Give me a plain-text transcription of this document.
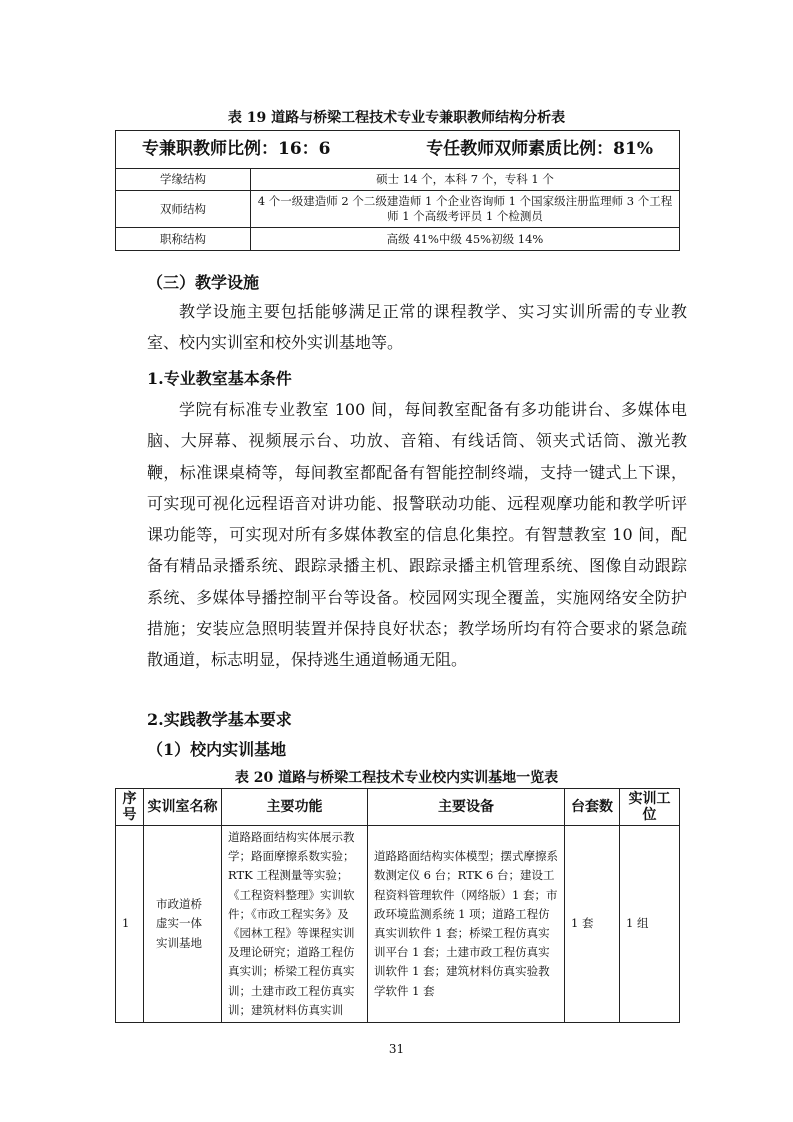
表 19 道路与桥梁工程技术专业专兼职教师结构分析表
专兼职教师比例：16：6 专任教师双师素质比例：81%	

学缘结构	硕士 14 个，本科 7 个，专科 1 个
双师结构	4 个一级建造师 2 个二级建造师 1 个企业咨询师 1 个国家级注册监理师 3 个工程师 1 个高级考评员 1 个检测员
职称结构	高级 41%中级 45%初级 14%
（三）教学设施

教学设施主要包括能够满足正常的课程教学、实习实训所需的专业教室、校内实训室和校外实训基地等。

1.专业教室基本条件

学院有标准专业教室 100 间，每间教室配备有多功能讲台、多媒体电脑、大屏幕、视频展示台、功放、音箱、有线话筒、领夹式话筒、激光教鞭，标准课桌椅等，每间教室都配备有智能控制终端，支持一键式上下课，可实现可视化远程语音对讲功能、报警联动功能、远程观摩功能和教学听评课功能等，可实现对所有多媒体教室的信息化集控。有智慧教室 10 间，配备有精品录播系统、跟踪录播主机、跟踪录播主机管理系统、图像自动跟踪系统、多媒体导播控制平台等设备。校园网实现全覆盖，实施网络安全防护措施；安装应急照明装置并保持良好状态；教学场所均有符合要求的紧急疏散通道，标志明显，保持逃生通道畅通无阻。

2.实践教学基本要求
（1）校内实训基地
表 20 道路与桥梁工程技术专业校内实训基地一览表
序号	实训室名称	主要功能	主要设备	台套数	实训工位
1	市政道桥虚实一体实训基地	道路路面结构实体展示教学；路面摩擦系数实验；RTK 工程测量等实验；《工程资料整理》实训软件；《市政工程实务》及《园林工程》等课程实训及理论研究；道路工程仿真实训；桥梁工程仿真实训；土建市政工程仿真实训；建筑材料仿真实训	道路路面结构实体模型；摆式摩擦系数测定仪 6 台；RTK 6 台；建设工程资料管理软件（网络版）1 套；市政环境监测系统 1 项；道路工程仿真实训软件 1 套；桥梁工程仿真实训平台 1 套；土建市政工程仿真实训软件 1 套；建筑材料仿真实验教学软件 1 套	1 套	1 组
31
